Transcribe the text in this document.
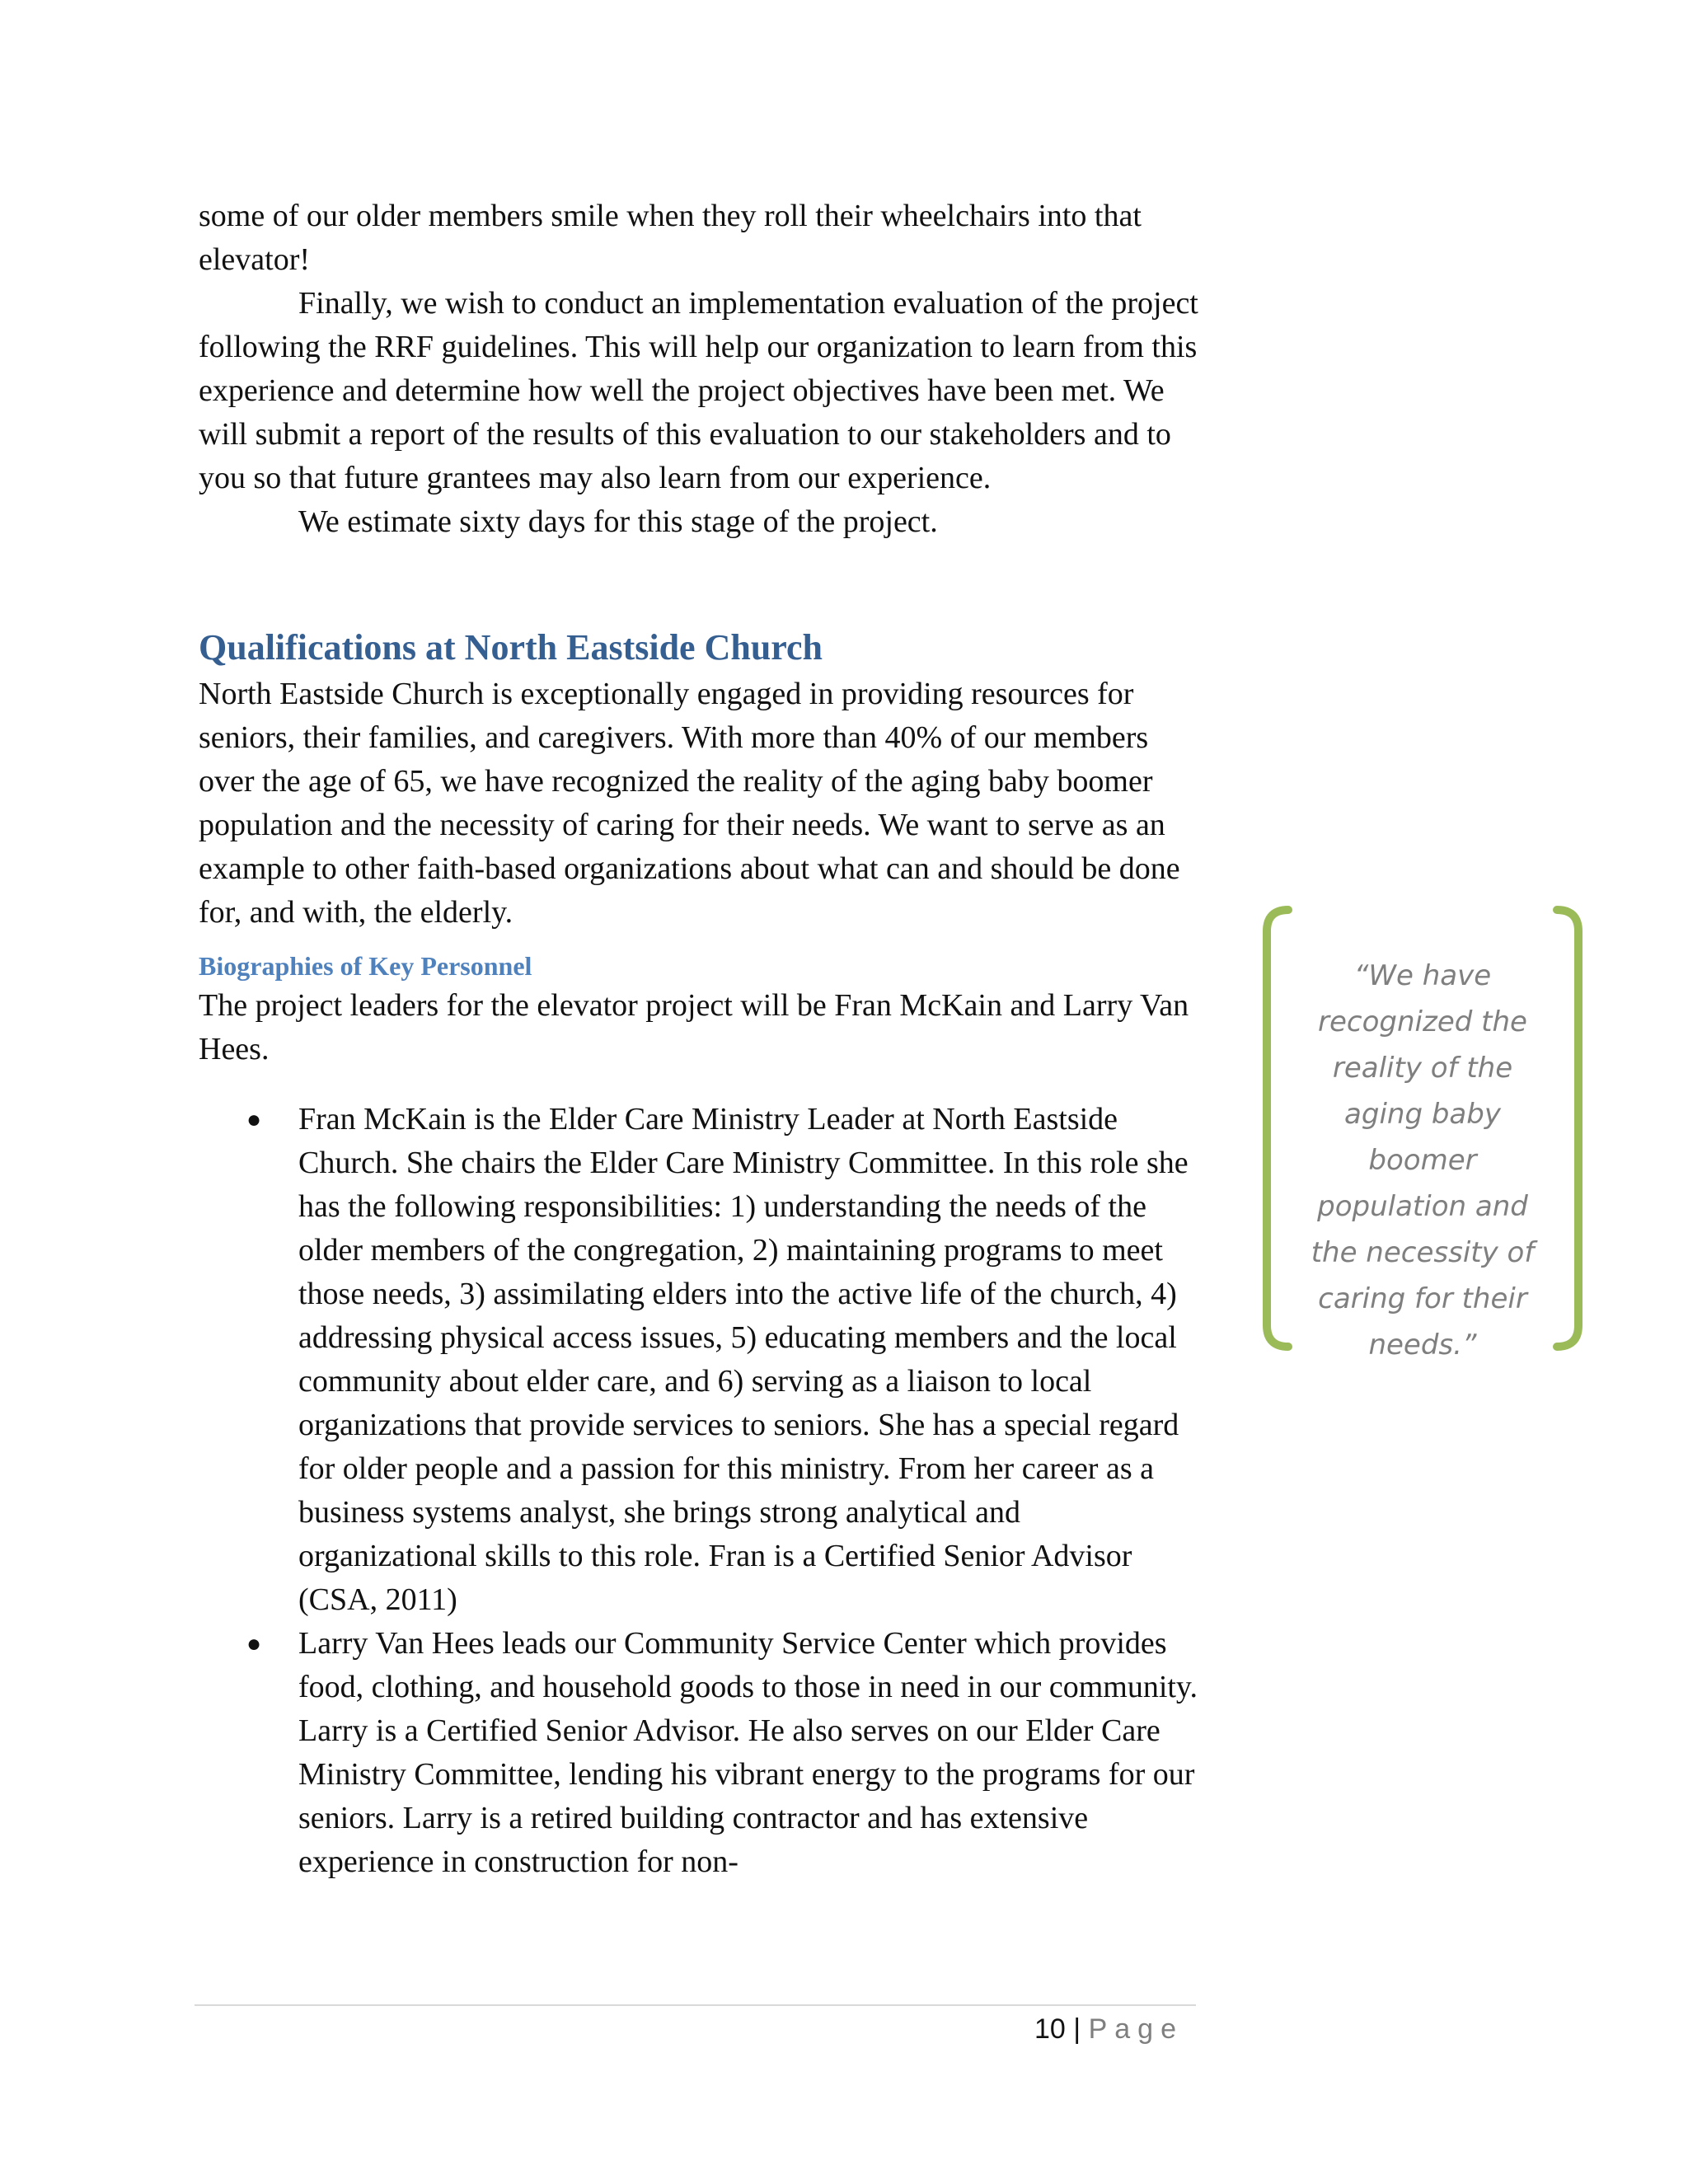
some of our older members smile when they roll their wheelchairs into that elevator!

Finally, we wish to conduct an implementation evaluation of the project following the RRF guidelines. This will help our organization to learn from this experience and determine how well the project objectives have been met. We will submit a report of the results of this evaluation to our stakeholders and to you so that future grantees may also learn from our experience.

We estimate sixty days for this stage of the project.

Qualifications at North Eastside Church

North Eastside Church is exceptionally engaged in providing resources for seniors, their families, and caregivers. With more than 40% of our members over the age of 65, we have recognized the reality of the aging baby boomer population and the necessity of caring for their needs. We want to serve as an example to other faith-based organizations about what can and should be done for, and with, the elderly.

Biographies of Key Personnel

The project leaders for the elevator project will be Fran McKain and Larry Van Hees.

● Fran McKain is the Elder Care Ministry Leader at North Eastside Church. She chairs the Elder Care Ministry Committee. In this role she has the following responsibilities: 1) understanding the needs of the older members of the congregation, 2) maintaining programs to meet those needs, 3) assimilating elders into the active life of the church, 4) addressing physical access issues, 5) educating members and the local community about elder care, and 6) serving as a liaison to local organizations that provide services to seniors. She has a special regard for older people and a passion for this ministry. From her career as a business systems analyst, she brings strong analytical and organizational skills to this role. Fran is a Certified Senior Advisor (CSA, 2011)
● Larry Van Hees leads our Community Service Center which provides food, clothing, and household goods to those in need in our community. Larry is a Certified Senior Advisor. He also serves on our Elder Care Ministry Committee, lending his vibrant energy to the programs for our seniors. Larry is a retired building contractor and has extensive experience in construction for non-
“We have recognized the reality of the aging baby boomer population and the necessity of caring for their needs.”
10 | Page
